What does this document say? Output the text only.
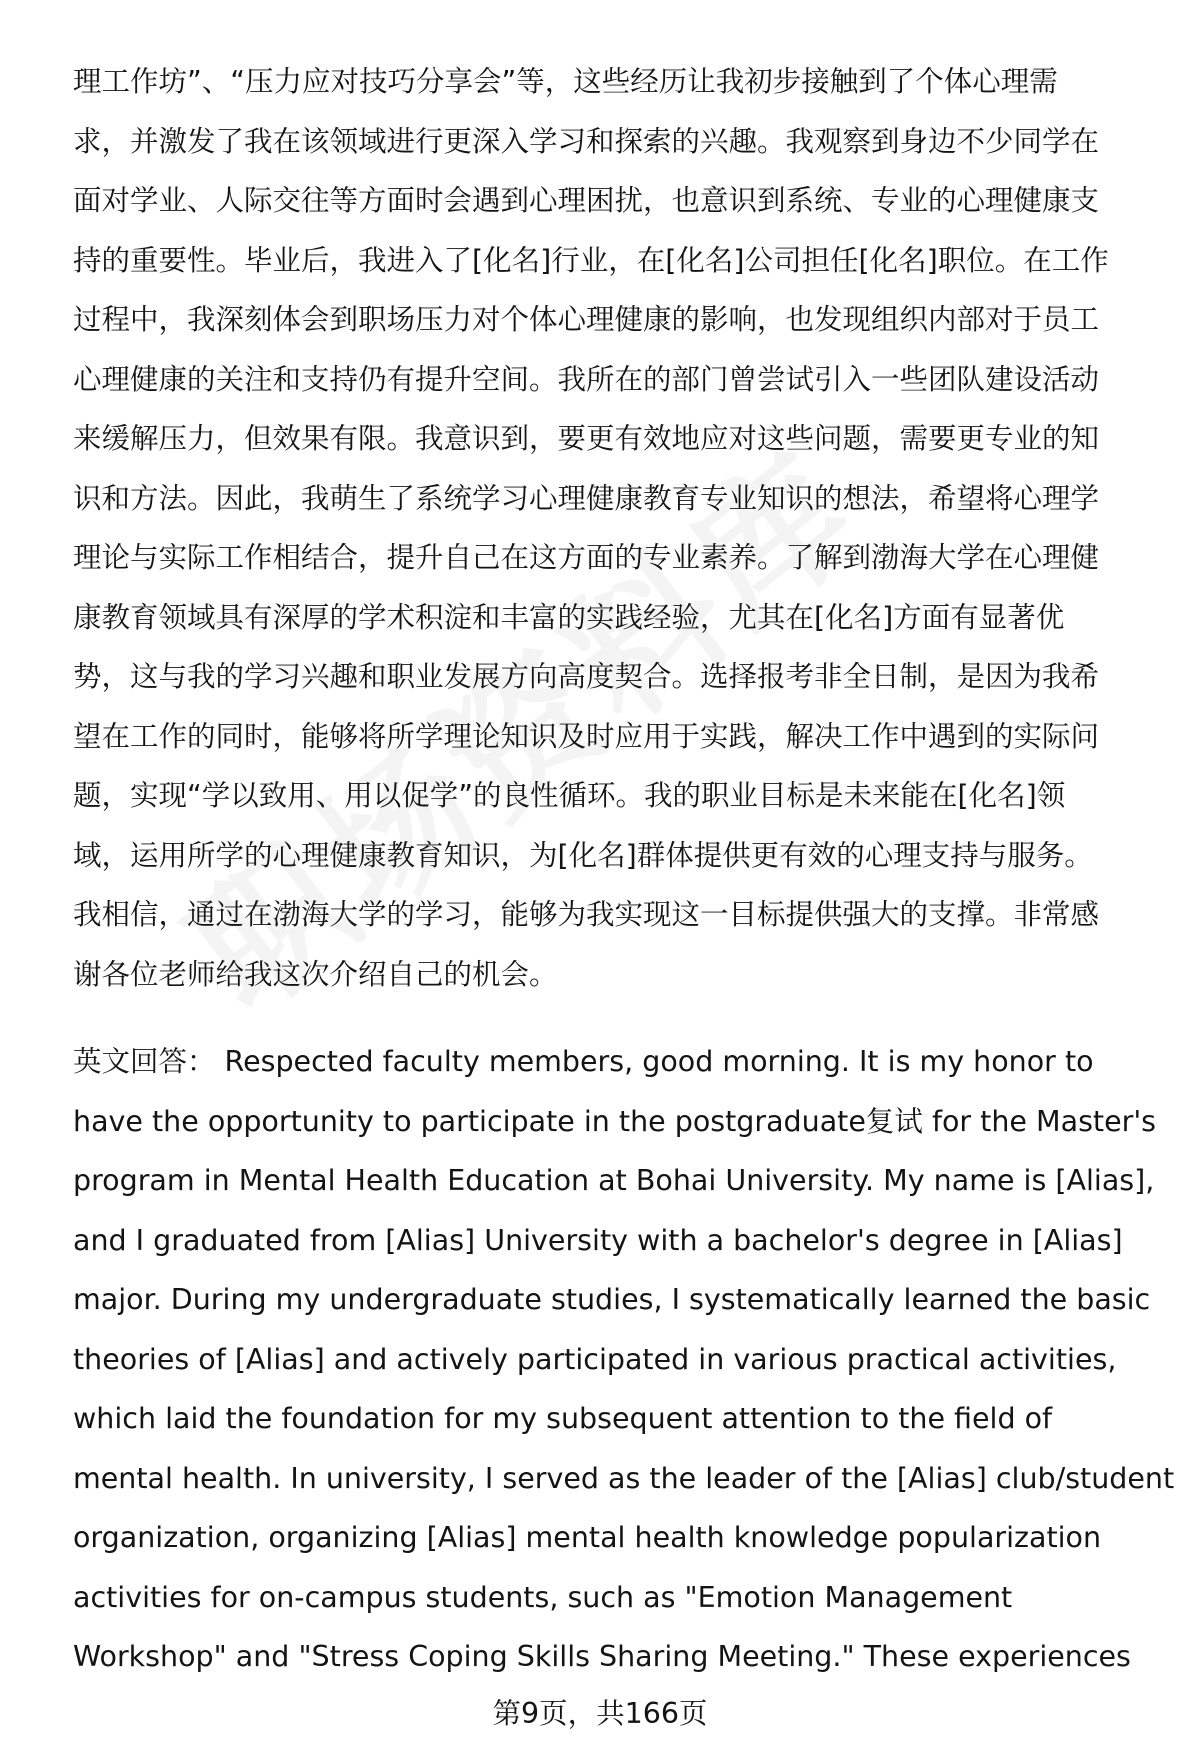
理工作坊”、“压力应对技巧分享会”等，这些经历让我初步接触到了个体心理需
求，并激发了我在该领域进行更深入学习和探索的兴趣。我观察到身边不少同学在
面对学业、人际交往等方面时会遇到心理困扰，也意识到系统、专业的心理健康支
持的重要性。毕业后，我进入了[化名]行业，在[化名]公司担任[化名]职位。在工作
过程中，我深刻体会到职场压力对个体心理健康的影响，也发现组织内部对于员工
心理健康的关注和支持仍有提升空间。我所在的部门曾尝试引入一些团队建设活动
来缓解压力，但效果有限。我意识到，要更有效地应对这些问题，需要更专业的知
识和方法。因此，我萌生了系统学习心理健康教育专业知识的想法，希望将心理学
理论与实际工作相结合，提升自己在这方面的专业素养。了解到渤海大学在心理健
康教育领域具有深厚的学术积淀和丰富的实践经验，尤其在[化名]方面有显著优
势，这与我的学习兴趣和职业发展方向高度契合。选择报考非全日制，是因为我希
望在工作的同时，能够将所学理论知识及时应用于实践，解决工作中遇到的实际问
题，实现“学以致用、用以促学”的良性循环。我的职业目标是未来能在[化名]领
域，运用所学的心理健康教育知识，为[化名]群体提供更有效的心理支持与服务。
我相信，通过在渤海大学的学习，能够为我实现这一目标提供强大的支撑。非常感
谢各位老师给我这次介绍自己的机会。
英文回答： Respected faculty members, good morning. It is my honor to
have the opportunity to participate in the postgraduate复试 for the Master's
program in Mental Health Education at Bohai University. My name is [Alias],
and I graduated from [Alias] University with a bachelor's degree in [Alias]
major. During my undergraduate studies, I systematically learned the basic
theories of [Alias] and actively participated in various practical activities,
which laid the foundation for my subsequent attention to the field of
mental health. In university, I served as the leader of the [Alias] club/student
organization, organizing [Alias] mental health knowledge popularization
activities for on-campus students, such as "Emotion Management
Workshop" and "Stress Coping Skills Sharing Meeting." These experiences
第9页，共166页
